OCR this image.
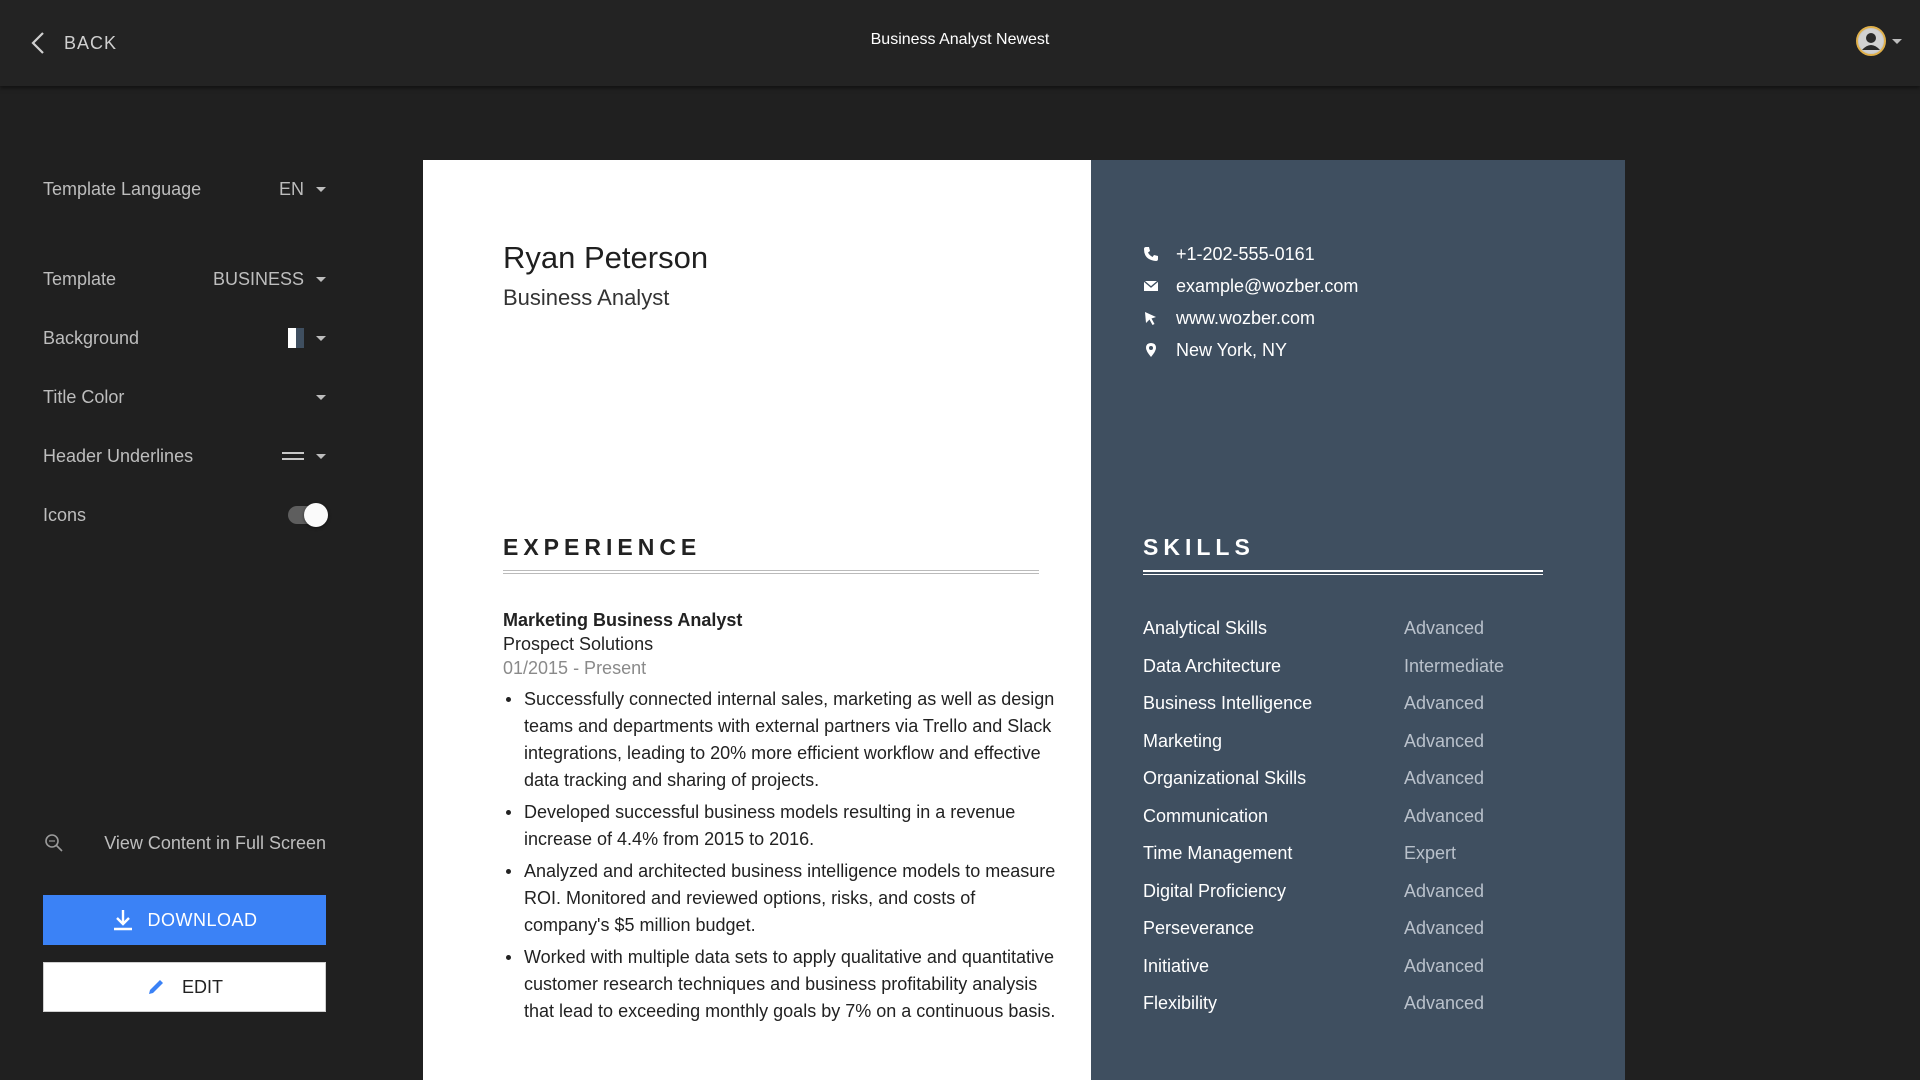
BACK	Business Analyst Newest
Template Language	EN
Template	BUSINESS
Background
Title Color
Header Underlines
Icons
View Content in Full Screen
DOWNLOAD
EDIT
Ryan Peterson
Business Analyst
EXPERIENCE
Marketing Business Analyst
Prospect Solutions
01/2015 - Present
Successfully connected internal sales, marketing as well as design teams and departments with external partners via Trello and Slack integrations, leading to 20% more efficient workflow and effective data tracking and sharing of projects.
Developed successful business models resulting in a revenue increase of 4.4% from 2015 to 2016.
Analyzed and architected business intelligence models to measure ROI. Monitored and reviewed options, risks, and costs of company's $5 million budget.
Worked with multiple data sets to apply qualitative and quantitative customer research techniques and business profitability analysis that lead to exceeding monthly goals by 7% on a continuous basis.
+1-202-555-0161
example@wozber.com
www.wozber.com
New York, NY
SKILLS
Analytical Skills	Advanced
Data Architecture	Intermediate
Business Intelligence	Advanced
Marketing	Advanced
Organizational Skills	Advanced
Communication	Advanced
Time Management	Expert
Digital Proficiency	Advanced
Perseverance	Advanced
Initiative	Advanced
Flexibility	Advanced
